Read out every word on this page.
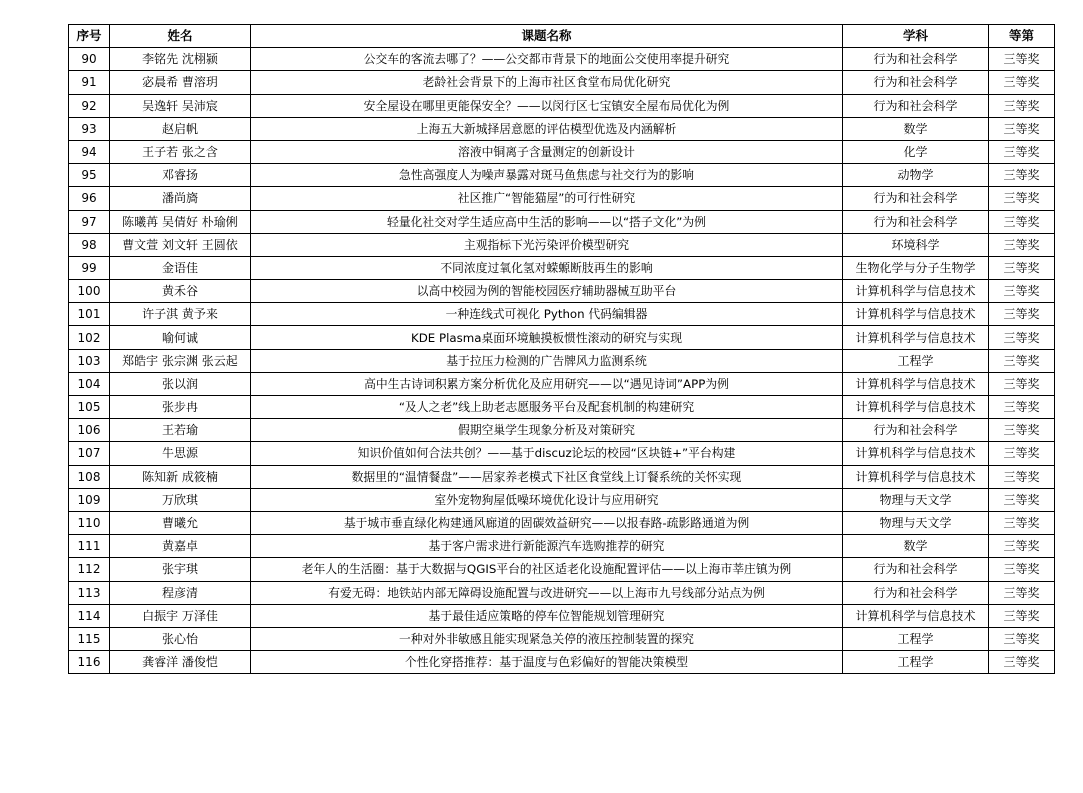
序号	姓名	课题名称	学科	等第
90	李铭先 沈栩颍	公交车的客流去哪了？——公交都市背景下的地面公交使用率提升研究	行为和社会科学	三等奖
91	宓晨希 曹溶玥	老龄社会背景下的上海市社区食堂布局优化研究	行为和社会科学	三等奖
92	吴逸轩 吴沛宸	安全屋设在哪里更能保安全？——以闵行区七宝镇安全屋布局优化为例	行为和社会科学	三等奖
93	赵启帆	上海五大新城择居意愿的评估模型优选及内涵解析	数学	三等奖
94	王子若 张之含	溶液中铜离子含量测定的创新设计	化学	三等奖
95	邓睿扬	急性高强度人为噪声暴露对斑马鱼焦虑与社交行为的影响	动物学	三等奖
96	潘尚旖	社区推广“智能猫屋”的可行性研究	行为和社会科学	三等奖
97	陈曦苒 吴倩好 朴瑜俐	轻量化社交对学生适应高中生活的影响——以“搭子文化”为例	行为和社会科学	三等奖
98	曹文萱 刘文轩 王圆依	主观指标下光污染评价模型研究	环境科学	三等奖
99	金语佳	不同浓度过氧化氢对蝾螈断肢再生的影响	生物化学与分子生物学	三等奖
100	黄禾谷	以高中校园为例的智能校园医疗辅助器械互助平台	计算机科学与信息技术	三等奖
101	许子淇 黄予来	一种连线式可视化 Python 代码编辑器	计算机科学与信息技术	三等奖
102	喻何诚	KDE Plasma桌面环境触摸板惯性滚动的研究与实现	计算机科学与信息技术	三等奖
103	郑皓宇 张宗渊 张云起	基于拉压力检测的广告牌风力监测系统	工程学	三等奖
104	张以润	高中生古诗词积累方案分析优化及应用研究——以“遇见诗词”APP为例	计算机科学与信息技术	三等奖
105	张步冉	“及人之老”线上助老志愿服务平台及配套机制的构建研究	计算机科学与信息技术	三等奖
106	王若瑜	假期空巢学生现象分析及对策研究	行为和社会科学	三等奖
107	牛思源	知识价值如何合法共创？——基于discuz论坛的校园“区块链+”平台构建	计算机科学与信息技术	三等奖
108	陈知新 成筱楠	数据里的“温情餐盘”——居家养老模式下社区食堂线上订餐系统的关怀实现	计算机科学与信息技术	三等奖
109	万欣琪	室外宠物狗屋低噪环境优化设计与应用研究	物理与天文学	三等奖
110	曹曦允	基于城市垂直绿化构建通风廊道的固碳效益研究——以报春路-疏影路通道为例	物理与天文学	三等奖
111	黄嘉卓	基于客户需求进行新能源汽车选购推荐的研究	数学	三等奖
112	张宇琪	老年人的生活圈：基于大数据与QGIS平台的社区适老化设施配置评估——以上海市莘庄镇为例	行为和社会科学	三等奖
113	程彦清	有爱无碍：地铁站内部无障碍设施配置与改进研究——以上海市九号线部分站点为例	行为和社会科学	三等奖
114	白振宇 万泽佳	基于最佳适应策略的停车位智能规划管理研究	计算机科学与信息技术	三等奖
115	张心怡	一种对外非敏感且能实现紧急关停的液压控制装置的探究	工程学	三等奖
116	龚睿洋 潘俊恺	个性化穿搭推荐：基于温度与色彩偏好的智能决策模型	工程学	三等奖
